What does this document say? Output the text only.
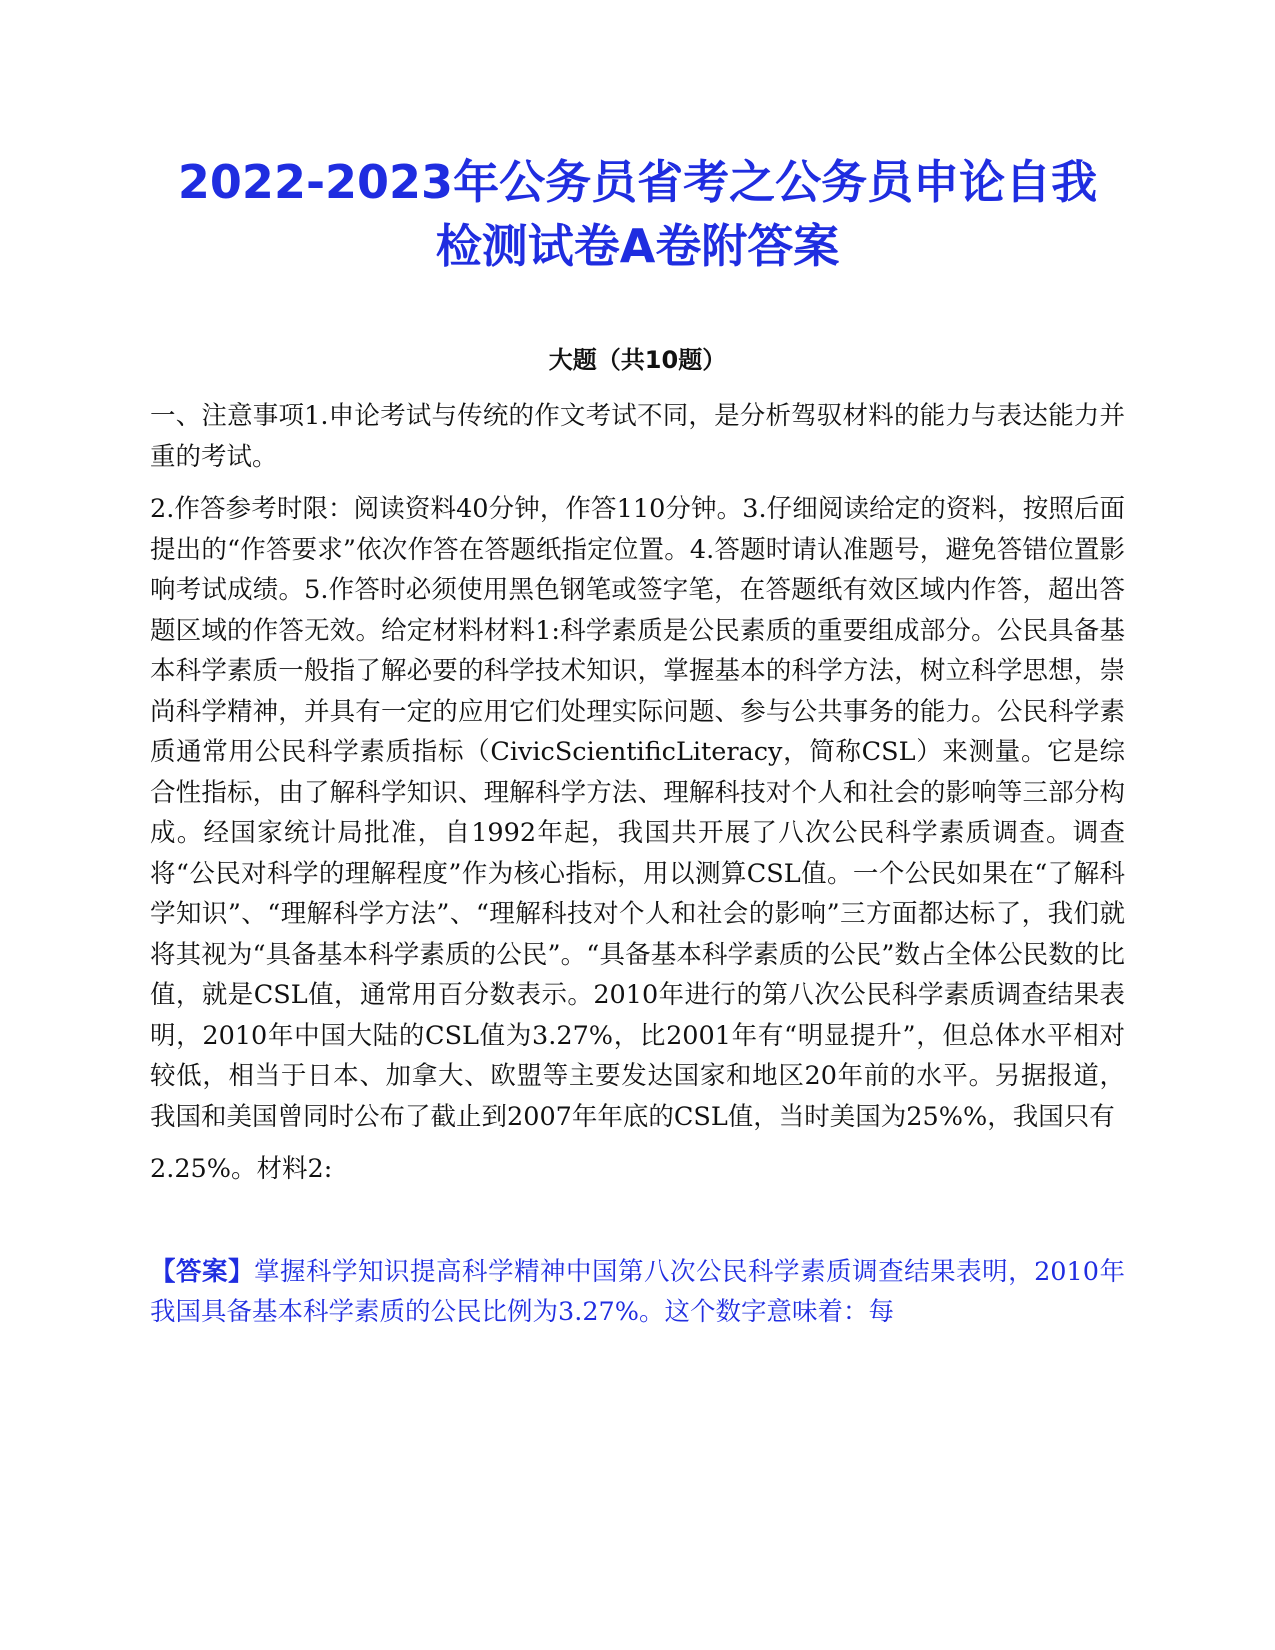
2022-2023年公务员省考之公务员申论自我
检测试卷A卷附答案
大题（共10题）

一、注意事项1.申论考试与传统的作文考试不同，是分析驾驭材料的能力与表达能力并重的考试。

2.作答参考时限：阅读资料40分钟，作答110分钟。3.仔细阅读给定的资料，按照后面提出的“作答要求”依次作答在答题纸指定位置。4.答题时请认准题号，避免答错位置影响考试成绩。5.作答时必须使用黑色钢笔或签字笔，在答题纸有效区域内作答，超出答题区域的作答无效。给定材料材料1:科学素质是公民素质的重要组成部分。公民具备基本科学素质一般指了解必要的科学技术知识，掌握基本的科学方法，树立科学思想，崇尚科学精神，并具有一定的应用它们处理实际问题、参与公共事务的能力。公民科学素质通常用公民科学素质指标（CivicScientificLiteracy，简称CSL）来测量。它是综合性指标，由了解科学知识、理解科学方法、理解科技对个人和社会的影响等三部分构成。经国家统计局批准，自1992年起，我国共开展了八次公民科学素质调查。调查将“公民对科学的理解程度”作为核心指标，用以测算CSL值。一个公民如果在“了解科学知识”、“理解科学方法”、“理解科技对个人和社会的影响”三方面都达标了，我们就将其视为“具备基本科学素质的公民”。“具备基本科学素质的公民”数占全体公民数的比值，就是CSL值，通常用百分数表示。2010年进行的第八次公民科学素质调查结果表明，2010年中国大陆的CSL值为3.27%，比2001年有“明显提升”，但总体水平相对较低，相当于日本、加拿大、欧盟等主要发达国家和地区20年前的水平。另据报道，我国和美国曾同时公布了截止到2007年年底的CSL值，当时美国为25%%，我国只有

2.25%。材料2:

【答案】掌握科学知识提高科学精神中国第八次公民科学素质调查结果表明，2010年我国具备基本科学素质的公民比例为3.27%。这个数字意味着：每
